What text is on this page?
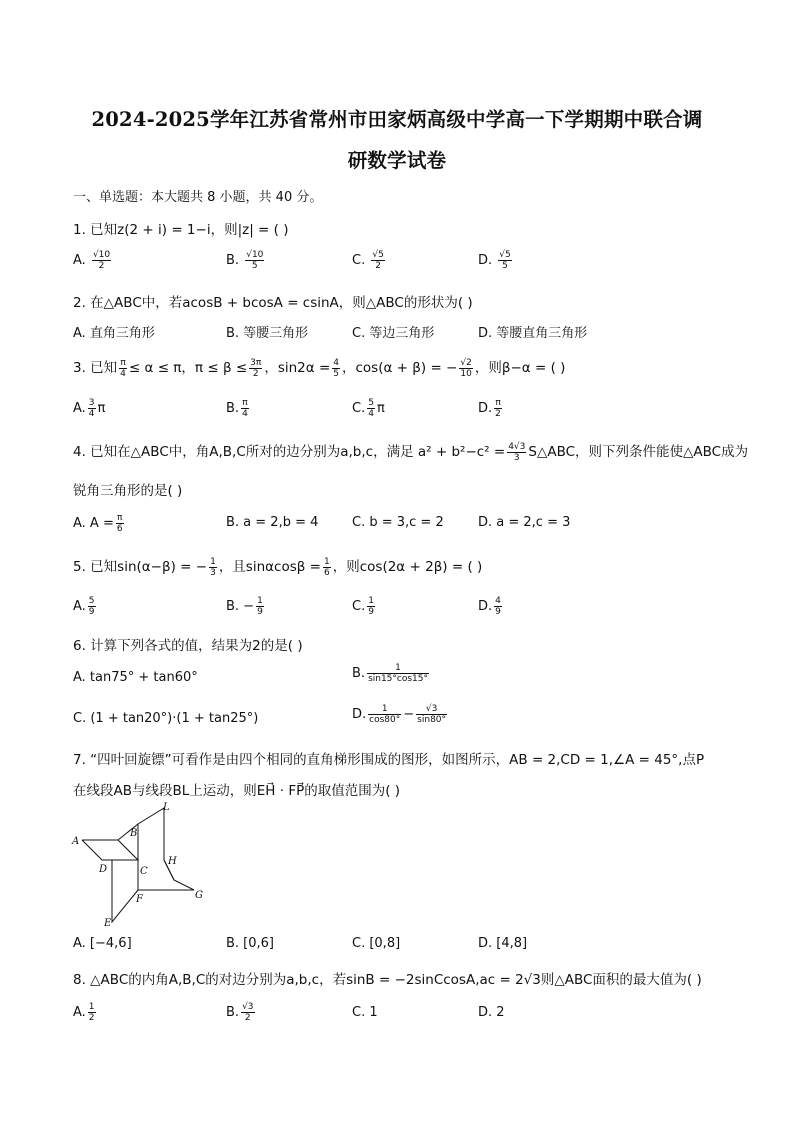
2024-2025学年江苏省常州市田家炳高级中学高一下学期期中联合调
研数学试卷
一、单选题：本大题共 8 小题，共 40 分。
1. 已知z(2 + i) = 1−i，则|z| = ( )
A. $\frac{√10}{2}$	B. $\frac{√10}{5}$	C. $\frac{√5}{2}$	D. $\frac{√5}{5}$
2. 在△ABC中，若acosB + bcosA = csinA，则△ABC的形状为( )
A. 直角三角形	B. 等腰三角形	C. 等边三角形	D. 等腰直角三角形
3. 已知 $\frac{\pi}{4} \le \alpha \le \pi$，$\pi \le \beta \le \frac{3\pi}{2}$ ，$\sin 2\alpha = \frac{4}{5}$ ，cos(α + β) = − $\frac{√2}{10}$ ，则β−α = ( )
A. $\frac{3}{4}$ π	B. $\frac{\pi}{4}$	C. $\frac{5}{4}$ π	D. $\frac{\pi}{2}$
4. 已知在△ABC中，角A,B,C所对的边分别为a,b,c，满足 $a^2 + b^2-c^2 = \frac{4√3}{3}$ S△ABC，则下列条件能使△ABC成为
锐角三角形的是( )
A. $A = \frac{\pi}{6}$	B. a = 2,b = 4	C. b = 3,c = 2	D. a = 2,c = 3
5. 已知sin(α−β) = − $\frac{1}{3}$ ，且$\sin\alpha\cos\beta = \frac{1}{6}$ ，则cos(2α + 2β) = ( )
A. $\frac{5}{9}$	B. − $\frac{1}{9}$	C. $\frac{1}{9}$	D. $\frac{4}{9}$
6. 计算下列各式的值，结果为2的是( )
A. tan75° + tan60°	B. $\frac{1}{\sin 15^\circ\cos 15^\circ}$
C. (1 + tan20°)·(1 + tan25°)	D. $\frac{1}{\cos 80^\circ} - \frac{√3}{\sin 80^\circ}$
7. “四叶回旋镖”可看作是由四个相同的直角梯形围成的图形，如图所示，AB = 2,CD = 1,∠A = 45°,点P
在线段AB与线段BL上运动，则EH⃗ · FP⃗的取值范围为( )
A
B
L
D	C
H
F	G
E
A. [−4,6]	B. [0,6]	C. [0,8]	D. [4,8]
8. △ABC的内角A,B,C的对边分别为a,b,c，若sinB = −2sinCcosA,ac = 2√3则△ABC面积的最大值为( )
A. $\frac{1}{2}$	B. $\frac{√3}{2}$	C. 1	D. 2
